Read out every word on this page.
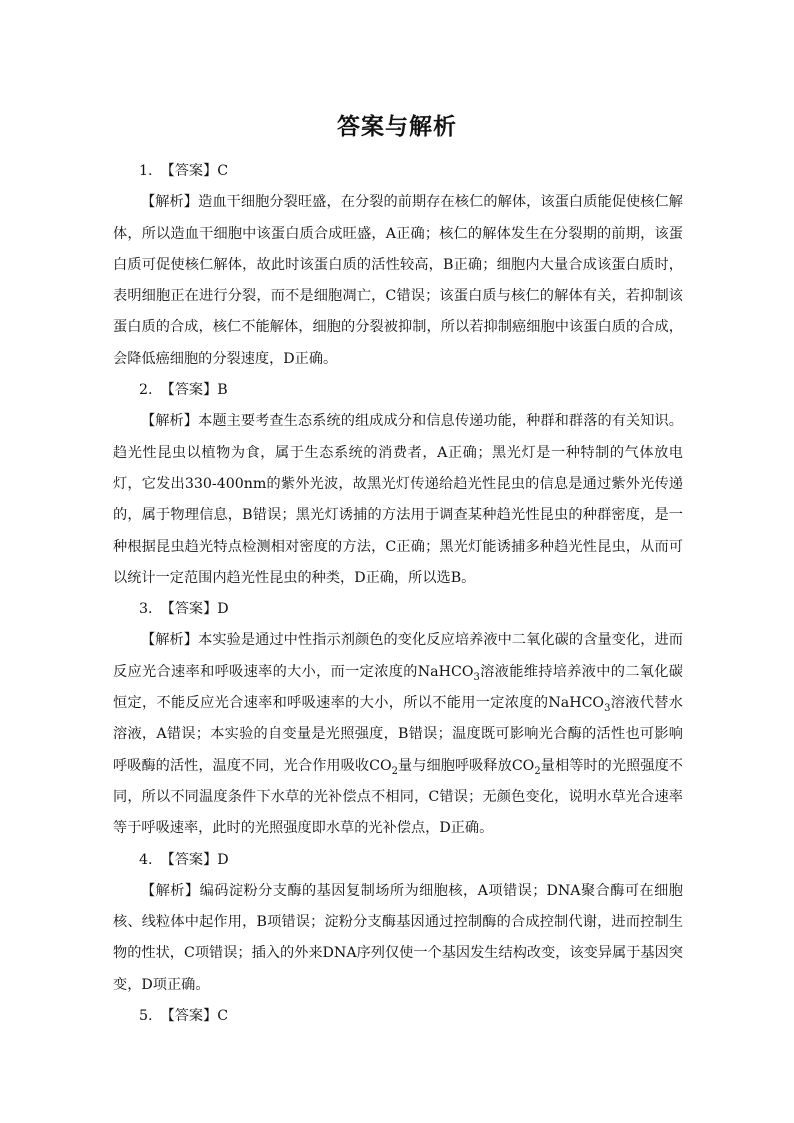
答案与解析

1. 【答案】C

【解析】造血干细胞分裂旺盛，在分裂的前期存在核仁的解体，该蛋白质能促使核仁解体，所以造血干细胞中该蛋白质合成旺盛，A正确；核仁的解体发生在分裂期的前期，该蛋白质可促使核仁解体，故此时该蛋白质的活性较高，B正确；细胞内大量合成该蛋白质时，表明细胞正在进行分裂，而不是细胞凋亡，C错误；该蛋白质与核仁的解体有关，若抑制该蛋白质的合成，核仁不能解体，细胞的分裂被抑制，所以若抑制癌细胞中该蛋白质的合成，会降低癌细胞的分裂速度，D正确。

2. 【答案】B

【解析】本题主要考查生态系统的组成成分和信息传递功能，种群和群落的有关知识。趋光性昆虫以植物为食，属于生态系统的消费者，A正确；黑光灯是一种特制的气体放电灯，它发出330-400nm的紫外光波，故黑光灯传递给趋光性昆虫的信息是通过紫外光传递的，属于物理信息，B错误；黑光灯诱捕的方法用于调查某种趋光性昆虫的种群密度，是一种根据昆虫趋光特点检测相对密度的方法，C正确；黑光灯能诱捕多种趋光性昆虫，从而可以统计一定范围内趋光性昆虫的种类，D正确，所以选B。

3. 【答案】D

【解析】本实验是通过中性指示剂颜色的变化反应培养液中二氧化碳的含量变化，进而反应光合速率和呼吸速率的大小，而一定浓度的NaHCO$_3$溶液能维持培养液中的二氧化碳恒定，不能反应光合速率和呼吸速率的大小，所以不能用一定浓度的NaHCO$_3$溶液代替水溶液，A错误；本实验的自变量是光照强度，B错误；温度既可影响光合酶的活性也可影响呼吸酶的活性，温度不同，光合作用吸收$CO_2$量与细胞呼吸释放$CO_2$量相等时的光照强度不同，所以不同温度条件下水草的光补偿点不相同，C错误；无颜色变化，说明水草光合速率等于呼吸速率，此时的光照强度即水草的光补偿点，D正确。

4. 【答案】D

【解析】编码淀粉分支酶的基因复制场所为细胞核，A项错误；DNA聚合酶可在细胞核、线粒体中起作用，B项错误；淀粉分支酶基因通过控制酶的合成控制代谢，进而控制生物的性状，C项错误；插入的外来DNA序列仅使一个基因发生结构改变，该变异属于基因突变，D项正确。

5. 【答案】C
